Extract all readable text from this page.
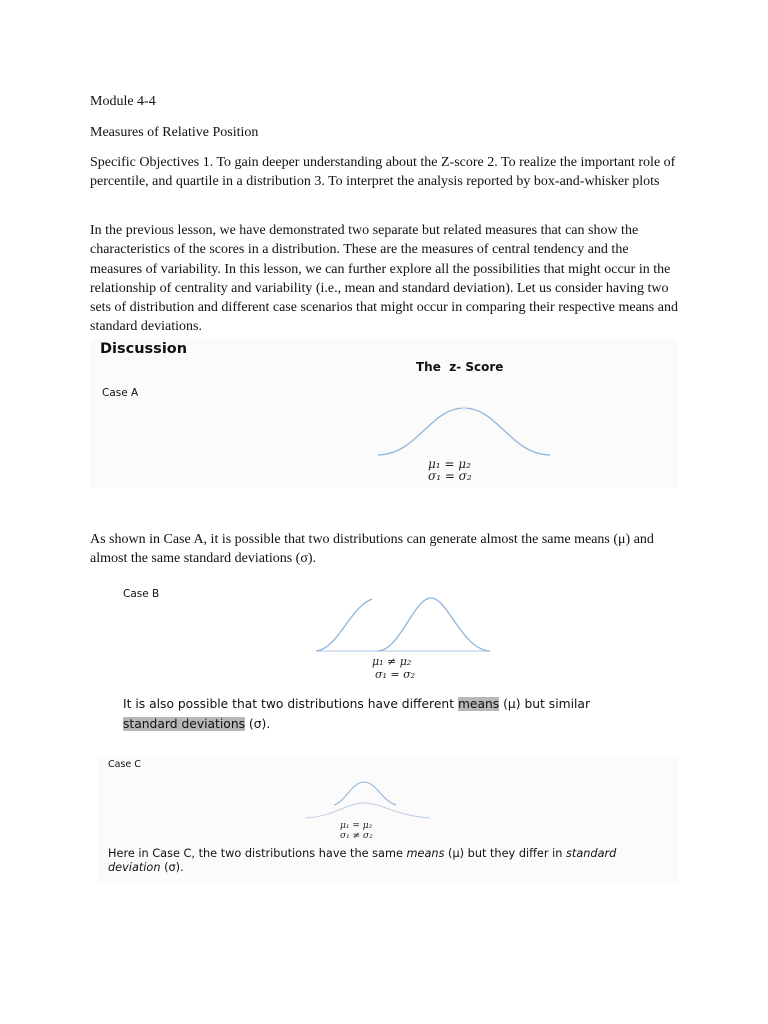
Module 4-4

Measures of Relative Position

Specific Objectives 1. To gain deeper understanding about the Z-score 2. To realize the important role of percentile, and quartile in a distribution 3. To interpret the analysis reported by box-and-whisker plots

In the previous lesson, we have demonstrated two separate but related measures that can show the characteristics of the scores in a distribution. These are the measures of central tendency and the measures of variability. In this lesson, we can further explore all the possibilities that might occur in the relationship of centrality and variability (i.e., mean and standard deviation). Let us consider having two sets of distribution and different case scenarios that might occur in comparing their respective means and standard deviations.

Discussion
The  z- Score
Case A
μ₁ = μ₂
σ₁ = σ₂

As shown in Case A, it is possible that two distributions can generate almost the same means (μ) and almost the same standard deviations (σ).

Case B
μ₁ ≠ μ₂
σ₁ = σ₂
It is also possible that two distributions have different means (μ) but similar standard deviations (σ).
Case C
μ₁ = μ₂
σ₁ ≠ σ₂
Here in Case C, the two distributions have the same means (μ) but they differ in standard deviation (σ).
